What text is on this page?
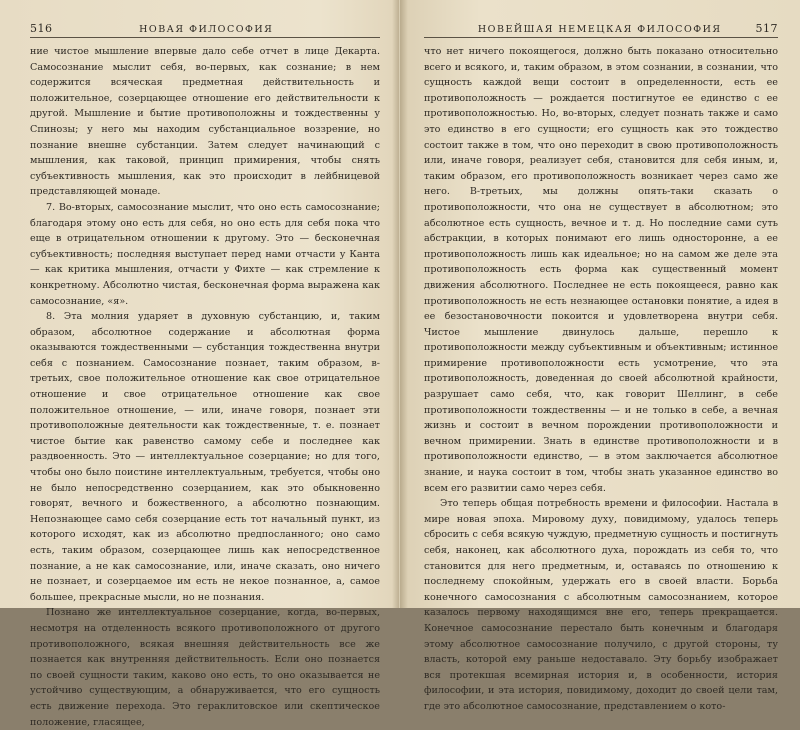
516	НОВАЯ ФИЛОСОФИЯ

ние чистое мышление впервые дало себе отчет в лице Декарта. Самосознание мыслит себя, во-первых, как сознание; в нем содержится всяческая предметная действительность и положительное, созерцающее отношение его действительности к другой. Мышление и бытие противоположны и тождественны у Спинозы; у него мы находим субстанциальное воззрение, но познание внешне субстанции. Затем следует начинающий с мышления, как таковой, принцип примирения, чтобы снять субъективность мышления, как это происходит в лейбницевой представляющей монаде.

7. Во-вторых, самосознание мыслит, что оно есть самосознание; благодаря этому оно есть для себя, но оно есть для себя пока что еще в отрицательном отношении к другому. Это — бесконечная субъективность; последняя выступает перед нами отчасти у Канта — как критика мышления, отчасти у Фихте — как стремление к конкретному. Абсолютно чистая, бесконечная форма выражена как самосознание, «я».

8. Эта молния ударяет в духовную субстанцию, и, таким образом, абсолютное содержание и абсолютная форма оказываются тождественными — субстанция тождественна внутри себя с познанием. Самосознание познает, таким образом, в-третьих, свое положительное отношение как свое отрицательное отношение и свое отрицательное отношение как свое положительное отношение, — или, иначе говоря, познает эти противоположные деятельности как тождественные, т. е. познает чистое бытие как равенство самому себе и последнее как раздвоенность. Это — интеллектуальное созерцание; но для того, чтобы оно было поистине интеллектуальным, требуется, чтобы оно не было непосредственно созерцанием, как это обыкновенно говорят, вечного и божественного, а абсолютно познающим. Непознающее само себя созерцание есть тот начальный пункт, из которого исходят, как из абсолютно предпосланного; оно само есть, таким образом, созерцающее лишь как непосредственное познание, а не как самосознание, или, иначе сказать, оно ничего не познает, и созерцаемое им есть не некое познанное, а, самое большее, прекрасные мысли, но не познания.

Познано же интеллектуальное созерцание, когда, во-первых, несмотря на отделенность всякого противоположного от другого противоположного, всякая внешняя действительность все же познается как внутренняя действительность. Если оно познается по своей сущности таким, каково оно есть, то оно оказывается не устойчиво существующим, а обнаруживается, что его сущность есть движение перехода. Это гераклитовское или скептическое положение, гласящее,

НОВЕЙШАЯ НЕМЕЦКАЯ ФИЛОСОФИЯ	517

что нет ничего покоящегося, должно быть показано относительно всего и всякого, и, таким образом, в этом сознании, в сознании, что сущность каждой вещи состоит в определенности, есть ее противоположность — рождается постигнутое ее единство с ее противоположностью. Но, во-вторых, следует познать также и само это единство в его сущности; его сущность как это тождество состоит также в том, что оно переходит в свою противоположность или, иначе говоря, реализует себя, становится для себя иным, и, таким образом, его противоположность возникает через само же него. В-третьих, мы должны опять-таки сказать о противоположности, что она не существует в абсолютном; это абсолютное есть сущность, вечное и т. д. Но последние сами суть абстракции, в которых понимают его лишь одностороннe, а ее противоположность лишь как идеальное; но на самом же деле эта противоположность есть форма как существенный момент движения абсолютного. Последнее не есть покоящееся, равно как противоположность не есть незнающее остановки понятие, а идея в ее безостановочности покоится и удовлетворена внутри себя. Чистое мышление двинулось дальше, перешло к противоположности между субъективным и объективным; истинное примирение противоположности есть усмотрение, что эта противоположность, доведенная до своей абсолютной крайности, разрушает само себя, что, как говорит Шеллинг, в себе противоположности тождественны — и не только в себе, а вечная жизнь и состоит в вечном порождении противоположности и вечном примирении. Знать в единстве противоположности и в противоположности единство, — в этом заключается абсолютное знание, и наука состоит в том, чтобы знать указанное единство во всем его развитии само через себя.

Это теперь общая потребность времени и философии. Настала в мире новая эпоха. Мировому духу, повидимому, удалось теперь сбросить с себя всякую чуждую, предметную сущность и постигнуть себя, наконец, как абсолютного духа, порождать из себя то, что становится для него предметным, и, оставаясь по отношению к последнему спокойным, удержать его в своей власти. Борьба конечного самосознания с абсолютным самосознанием, которое казалось первому находящимся вне его, теперь прекращается. Конечное самосознание перестало быть конечным и благодаря этому абсолютное самосознание получило, с другой стороны, ту власть, которой ему раньше недоставало. Эту борьбу изображает вся протекшая всемирная история и, в особенности, история философии, и эта история, повидимому, доходит до своей цели там, где это абсолютное самосознание, представлением о кото-
